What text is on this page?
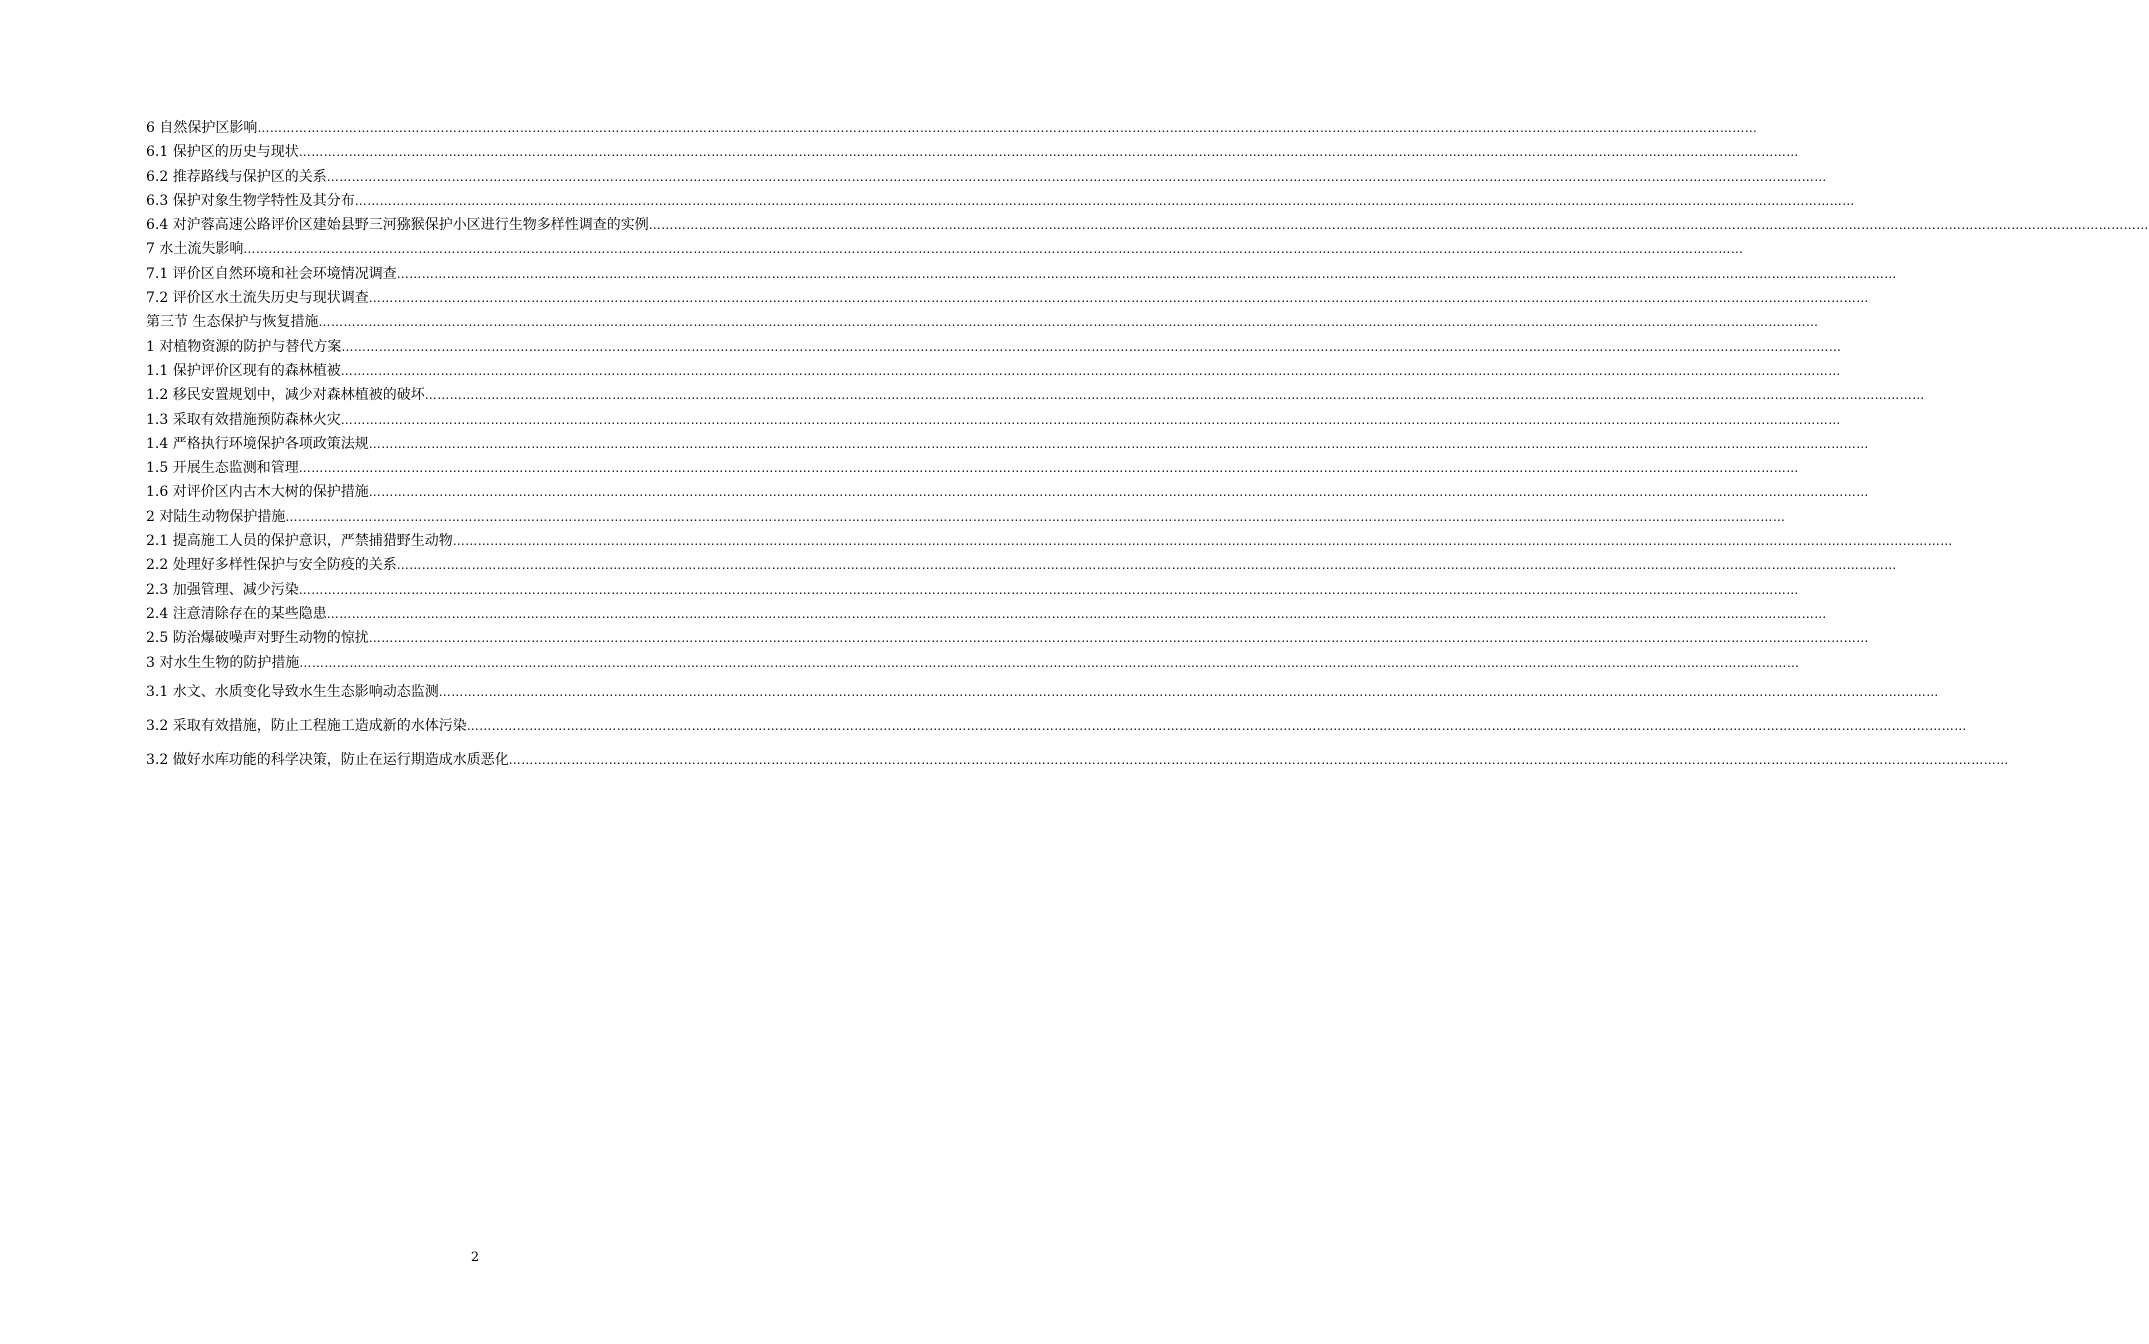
6 自然保护区影响 ………………………………………………………………………………………………………………………………………………………………………………………………………………………………………………………………………………………………………………………………
6.1 保护区的历史与现状 ………………………………………………………………………………………………………………………………………………………………………………………………………………………………………………………………………………………………………………………………
6.2 推荐路线与保护区的关系 ………………………………………………………………………………………………………………………………………………………………………………………………………………………………………………………………………………………………………………………………
6.3 保护对象生物学特性及其分布 ………………………………………………………………………………………………………………………………………………………………………………………………………………………………………………………………………………………………………………………………
6.4 对沪蓉高速公路评价区建始县野三河猕猴保护小区进行生物多样性调查的实例 ………………………………………………………………………………………………………………………………………………………………………………………………………………………………………………………………………………………………………………………………
7 水土流失影响 ………………………………………………………………………………………………………………………………………………………………………………………………………………………………………………………………………………………………………………………………
7.1 评价区自然环境和社会环境情况调查 ………………………………………………………………………………………………………………………………………………………………………………………………………………………………………………………………………………………………………………………………
7.2 评价区水土流失历史与现状调查 ………………………………………………………………………………………………………………………………………………………………………………………………………………………………………………………………………………………………………………………………
第三节 生态保护与恢复措施 ………………………………………………………………………………………………………………………………………………………………………………………………………………………………………………………………………………………………………………………………
1 对植物资源的防护与替代方案 ………………………………………………………………………………………………………………………………………………………………………………………………………………………………………………………………………………………………………………………………
1.1 保护评价区现有的森林植被 ………………………………………………………………………………………………………………………………………………………………………………………………………………………………………………………………………………………………………………………………
1.2 移民安置规划中，减少对森林植被的破坏 ………………………………………………………………………………………………………………………………………………………………………………………………………………………………………………………………………………………………………………………………
1.3 采取有效措施预防森林火灾 ………………………………………………………………………………………………………………………………………………………………………………………………………………………………………………………………………………………………………………………………
1.4 严格执行环境保护各项政策法规 ………………………………………………………………………………………………………………………………………………………………………………………………………………………………………………………………………………………………………………………………
1.5 开展生态监测和管理 ………………………………………………………………………………………………………………………………………………………………………………………………………………………………………………………………………………………………………………………………
1.6 对评价区内古木大树的保护措施 ………………………………………………………………………………………………………………………………………………………………………………………………………………………………………………………………………………………………………………………………
2 对陆生动物保护措施 ………………………………………………………………………………………………………………………………………………………………………………………………………………………………………………………………………………………………………………………………
2.1 提高施工人员的保护意识，严禁捕猎野生动物 ………………………………………………………………………………………………………………………………………………………………………………………………………………………………………………………………………………………………………………………………
2.2 处理好多样性保护与安全防疫的关系 ………………………………………………………………………………………………………………………………………………………………………………………………………………………………………………………………………………………………………………………………
2.3 加强管理、减少污染 ………………………………………………………………………………………………………………………………………………………………………………………………………………………………………………………………………………………………………………………………
2.4 注意清除存在的某些隐患 ………………………………………………………………………………………………………………………………………………………………………………………………………………………………………………………………………………………………………………………………
2.5 防治爆破噪声对野生动物的惊扰 ………………………………………………………………………………………………………………………………………………………………………………………………………………………………………………………………………………………………………………………………
3 对水生生物的防护措施 ………………………………………………………………………………………………………………………………………………………………………………………………………………………………………………………………………………………………………………………………
3.1 水文、水质变化导致水生生态影响动态监测 ………………………………………………………………………………………………………………………………………………………………………………………………………………………………………………………………………………………………………………………………
3.2 采取有效措施，防止工程施工造成新的水体污染 ………………………………………………………………………………………………………………………………………………………………………………………………………………………………………………………………………………………………………………………………
3.2 做好水库功能的科学决策，防止在运行期造成水质恶化 ………………………………………………………………………………………………………………………………………………………………………………………………………………………………………………………………………………………………………………………………
2
